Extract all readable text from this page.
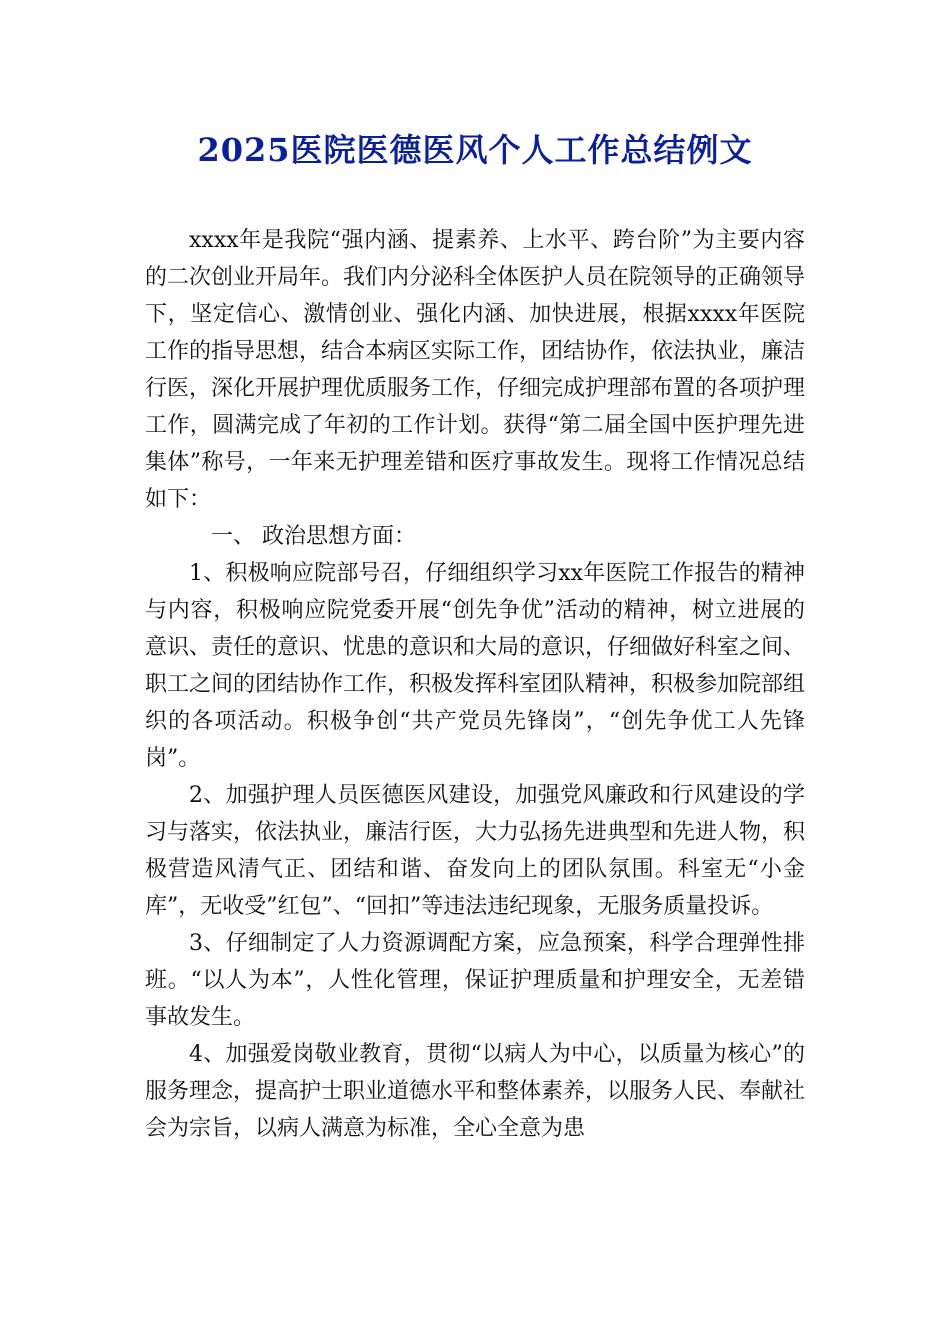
2025医院医德医风个人工作总结例文

xxxx年是我院“强内涵、提素养、上水平、跨台阶”为主要内容的二次创业开局年。我们内分泌科全体医护人员在院领导的正确领导下，坚定信心、激情创业、强化内涵、加快进展，根据xxxx年医院工作的指导思想，结合本病区实际工作，团结协作，依法执业，廉洁行医，深化开展护理优质服务工作，仔细完成护理部布置的各项护理工作，圆满完成了年初的工作计划。获得“第二届全国中医护理先进集体”称号，一年来无护理差错和医疗事故发生。现将工作情况总结如下：

一、 政治思想方面：

1、积极响应院部号召，仔细组织学习xx年医院工作报告的精神与内容，积极响应院党委开展“创先争优”活动的精神，树立进展的意识、责任的意识、忧患的意识和大局的意识，仔细做好科室之间、职工之间的团结协作工作，积极发挥科室团队精神，积极参加院部组织的各项活动。积极争创“共产党员先锋岗”，“创先争优工人先锋岗”。

2、加强护理人员医德医风建设，加强党风廉政和行风建设的学习与落实，依法执业，廉洁行医，大力弘扬先进典型和先进人物，积极营造风清气正、团结和谐、奋发向上的团队氛围。科室无“小金库”，无收受”红包”、“回扣”等违法违纪现象，无服务质量投诉。

3、仔细制定了人力资源调配方案，应急预案，科学合理弹性排班。“以人为本”，人性化管理，保证护理质量和护理安全，无差错事故发生。

4、加强爱岗敬业教育，贯彻“以病人为中心，以质量为核心”的服务理念，提高护士职业道德水平和整体素养，以服务人民、奉献社会为宗旨，以病人满意为标准，全心全意为患
